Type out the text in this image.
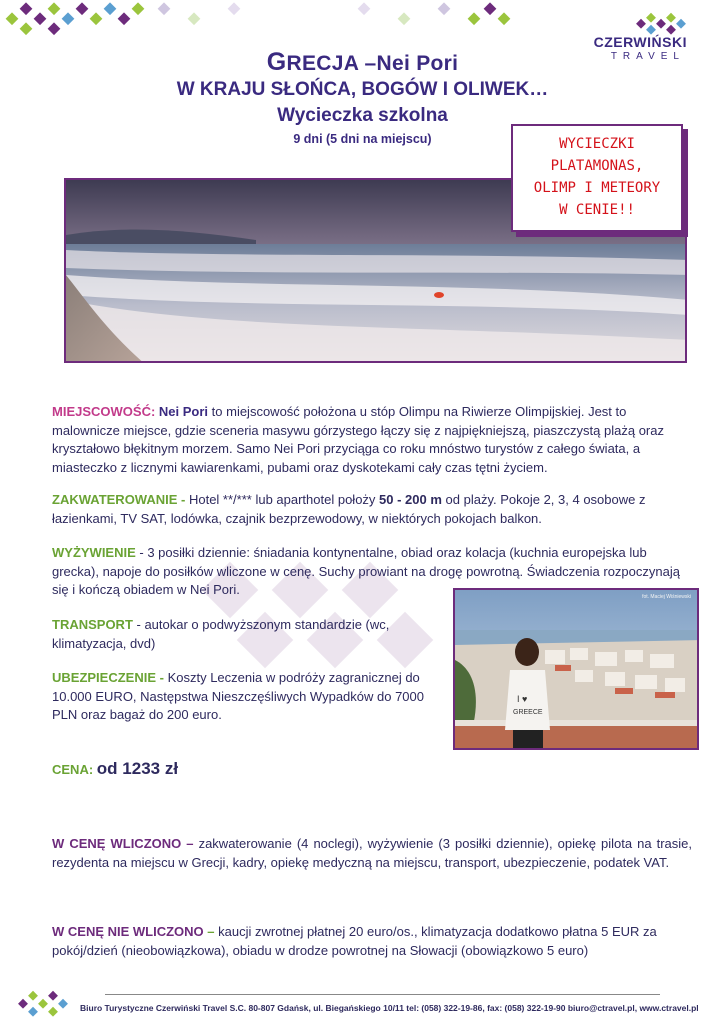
CZERWIŃSKI
TRAVEL
GRECJA –Nei Pori
W KRAJU SŁOŃCA, BOGÓW I OLIWEK…
Wycieczka szkolna
9 dni (5 dni na miejscu)	WYCIECZKI
PLATAMONAS,
OLIMP I METEORY
W CENIE!!
MIEJSCOWOŚĆ: Nei Pori to miejscowość położona u stóp Olimpu na Riwierze Olimpijskiej. Jest to malownicze miejsce, gdzie sceneria masywu górzystego łączy się z najpiękniejszą, piaszczystą plażą oraz kryształowo błękitnym morzem. Samo Nei Pori przyciąga co roku mnóstwo turystów z całego świata, a miasteczko z licznymi kawiarenkami, pubami oraz dyskotekami cały czas tętni życiem.
ZAKWATEROWANIE - Hotel **/*** lub aparthotel położy 50 - 200 m od plaży. Pokoje 2, 3, 4 osobowe z łazienkami, TV SAT, lodówka, czajnik bezprzewodowy, w niektórych pokojach balkon.
WYŻYWIENIE - 3 posiłki dziennie: śniadania kontynentalne, obiad oraz kolacja (kuchnia europejska lub grecka), napoje do posiłków wliczone w cenę. Suchy prowiant na drogę powrotną. Świadczenia rozpoczynają się i kończą obiadem w Nei Pori.
I ♥
GREECE
fot. Maciej Wiśniewski
TRANSPORT - autokar o podwyższonym standardzie (wc, klimatyzacja, dvd)
UBEZPIECZENIE - Koszty Leczenia w podróży zagranicznej do 10.000 EURO, Następstwa Nieszczęśliwych Wypadków do 7000 PLN oraz bagaż do 200 euro.
CENA: od 1233 zł
W CENĘ WLICZONO – zakwaterowanie (4 noclegi), wyżywienie (3 posiłki dziennie), opiekę pilota na trasie, rezydenta na miejscu w Grecji, kadry, opiekę medyczną na miejscu, transport, ubezpieczenie, podatek VAT.
W CENĘ NIE WLICZONO – kaucji zwrotnej płatnej 20 euro/os., klimatyzacja dodatkowo płatna 5 EUR za pokój/dzień (nieobowiązkowa), obiadu w drodze powrotnej na Słowacji (obowiązkowo 5 euro)
Biuro Turystyczne Czerwiński Travel S.C. 80-807 Gdańsk, ul. Biegańskiego 10/11 tel: (058) 322-19-86, fax: (058) 322-19-90 biuro@ctravel.pl, www.ctravel.pl
